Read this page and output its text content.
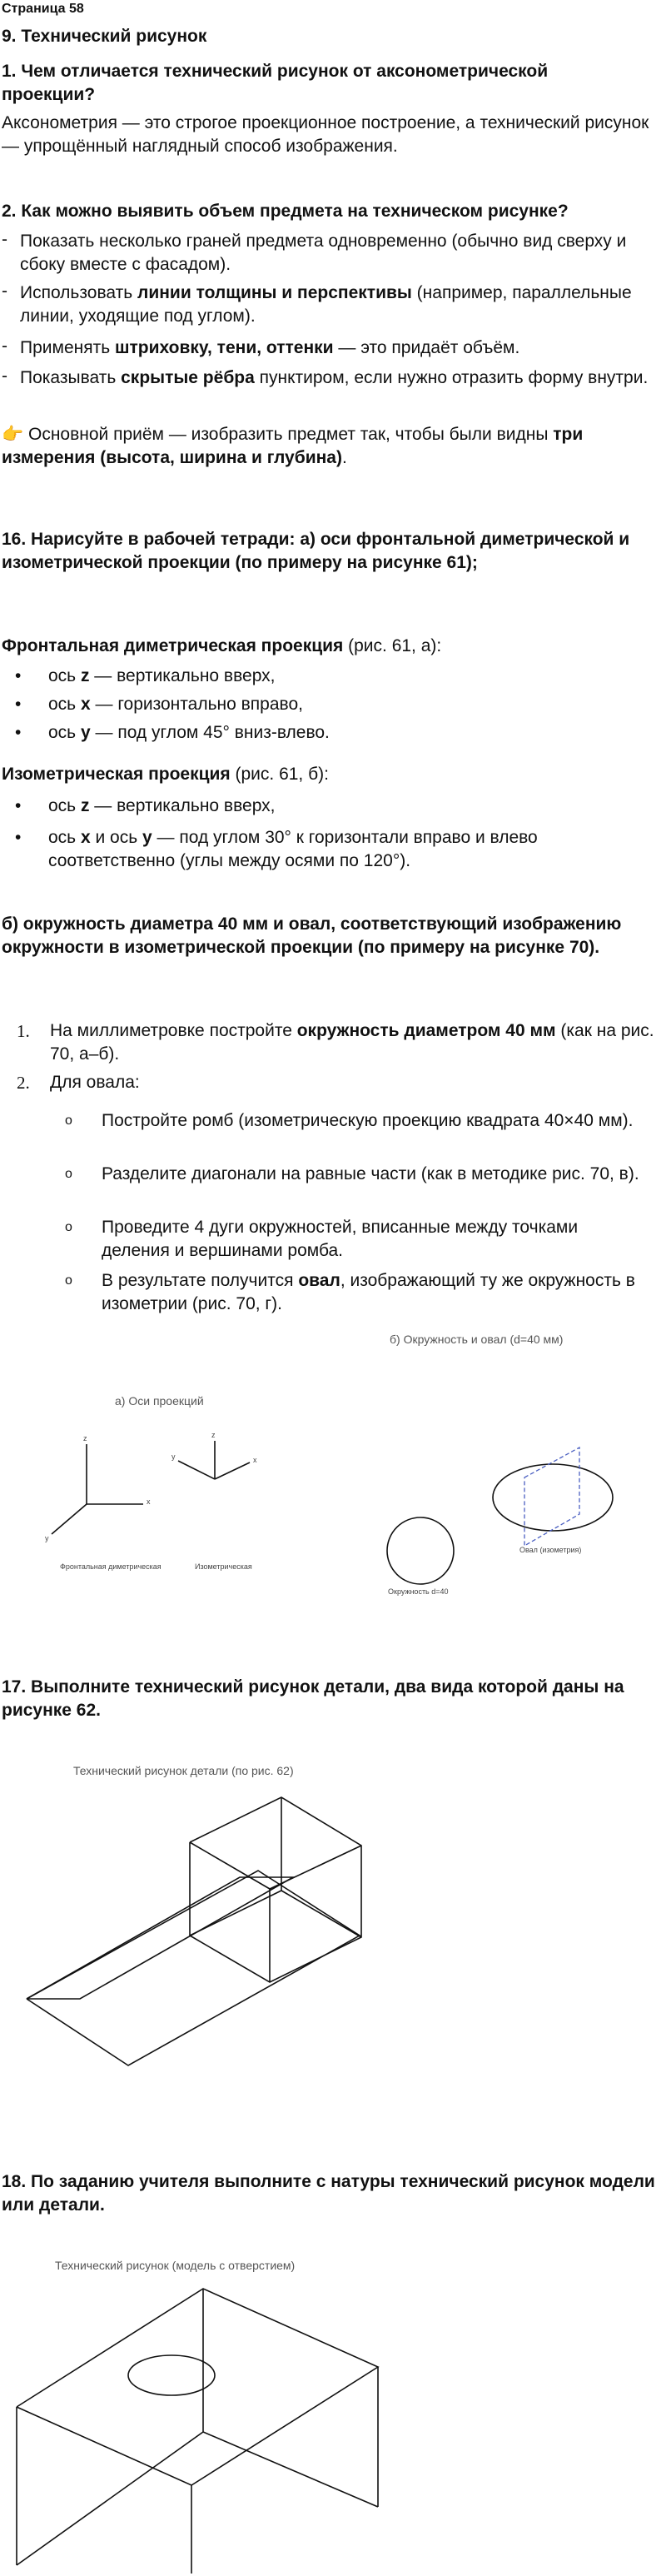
Страница 58
9. Технический рисунок
1. Чем отличается технический рисунок от аксонометрической проекции?
Аксонометрия — это строгое проекционное построение, а технический рисунок — упрощённый наглядный способ изображения.
2. Как можно выявить объем предмета на техническом рисунке?
- Показать несколько граней предмета одновременно (обычно вид сверху и сбоку вместе с фасадом).
- Использовать линии толщины и перспективы (например, параллельные линии, уходящие под углом).
- Применять штриховку, тени, оттенки — это придаёт объём.
- Показывать скрытые рёбра пунктиром, если нужно отразить форму внутри.
👉 Основной приём — изобразить предмет так, чтобы были видны три измерения (высота, ширина и глубина).
16. Нарисуйте в рабочей тетради: а) оси фронтальной диметрической и изометрической проекции (по примеру на рисунке 61);
Фронтальная диметрическая проекция (рис. 61, а):
• ось z — вертикально вверх,
• ось x — горизонтально вправо,
• ось y — под углом 45° вниз-влево.
Изометрическая проекция (рис. 61, б):
• ось z — вертикально вверх,
• ось x и ось y — под углом 30° к горизонтали вправо и влево соответственно (углы между осями по 120°).
б) окружность диаметра 40 мм и овал, соответствующий изображению окружности в изометрической проекции (по примеру на рисунке 70).
1. На миллиметровке постройте окружность диаметром 40 мм (как на рис. 70, а–б).
2. Для овала:
o Постройте ромб (изометрическую проекцию квадрата 40×40 мм).
o Разделите диагонали на равные части (как в методике рис. 70, в).
o Проведите 4 дуги окружностей, вписанные между точками деления и вершинами ромба.
o В результате получится овал, изображающий ту же окружность в изометрии (рис. 70, г).
б) Окружность и овал (d=40 мм)
а) Оси проекций
z
x
y
z
x
y
Фронтальная диметрическая	Изометрическая
Окружность d=40
Овал (изометрия)
17. Выполните технический рисунок детали, два вида которой даны на рисунке 62.
Технический рисунок детали (по рис. 62)
18. По заданию учителя выполните с натуры технический рисунок модели или детали.
Технический рисунок (модель с отверстием)
